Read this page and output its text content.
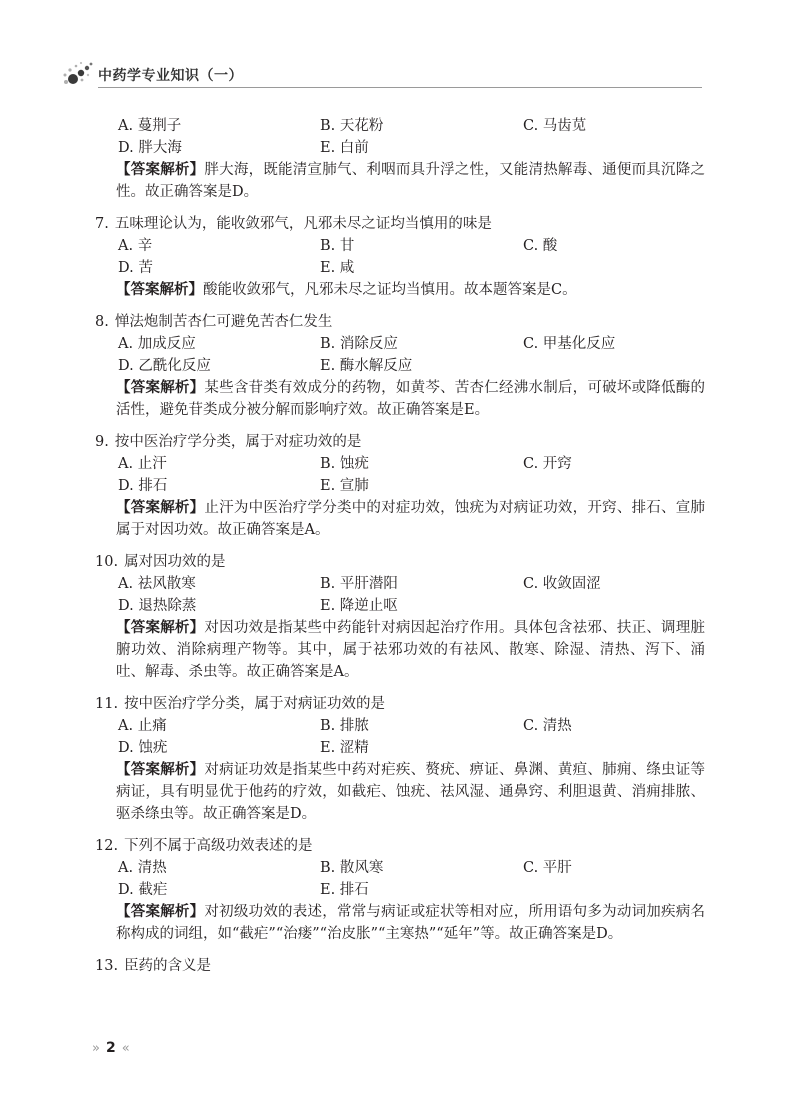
中药学专业知识（一）
A. 蔓荆子	B. 天花粉	C. 马齿苋
D. 胖大海	E. 白前
【答案解析】胖大海，既能清宣肺气、利咽而具升浮之性，又能清热解毒、通便而具沉降之性。故正确答案是D。
7. 五味理论认为，能收敛邪气，凡邪未尽之证均当慎用的味是
A. 辛	B. 甘	C. 酸
D. 苦	E. 咸
【答案解析】酸能收敛邪气，凡邪未尽之证均当慎用。故本题答案是C。
8. 惮法炮制苦杏仁可避免苦杏仁发生
A. 加成反应	B. 消除反应	C. 甲基化反应
D. 乙酰化反应	E. 酶水解反应
【答案解析】某些含苷类有效成分的药物，如黄芩、苦杏仁经沸水制后，可破坏或降低酶的活性，避免苷类成分被分解而影响疗效。故正确答案是E。
9. 按中医治疗学分类，属于对症功效的是
A. 止汗	B. 蚀疣	C. 开窍
D. 排石	E. 宣肺
【答案解析】止汗为中医治疗学分类中的对症功效，蚀疣为对病证功效，开窍、排石、宣肺属于对因功效。故正确答案是A。
10. 属对因功效的是
A. 祛风散寒	B. 平肝潜阳	C. 收敛固涩
D. 退热除蒸	E. 降逆止呕
【答案解析】对因功效是指某些中药能针对病因起治疗作用。具体包含祛邪、扶正、调理脏腑功效、消除病理产物等。其中，属于祛邪功效的有祛风、散寒、除湿、清热、泻下、涌吐、解毒、杀虫等。故正确答案是A。
11. 按中医治疗学分类，属于对病证功效的是
A. 止痛	B. 排脓	C. 清热
D. 蚀疣	E. 涩精
【答案解析】对病证功效是指某些中药对疟疾、赘疣、痹证、鼻渊、黄疸、肺痈、绦虫证等病证，具有明显优于他药的疗效，如截疟、蚀疣、祛风湿、通鼻窍、利胆退黄、消痈排脓、驱杀绦虫等。故正确答案是D。
12. 下列不属于高级功效表述的是
A. 清热	B. 散风寒	C. 平肝
D. 截疟	E. 排石
【答案解析】对初级功效的表述，常常与病证或症状等相对应，所用语句多为动词加疾病名称构成的词组，如“截疟”“治瘘”“治皮胀”“主寒热”“延年”等。故正确答案是D。
13. 臣药的含义是
» 2 «
